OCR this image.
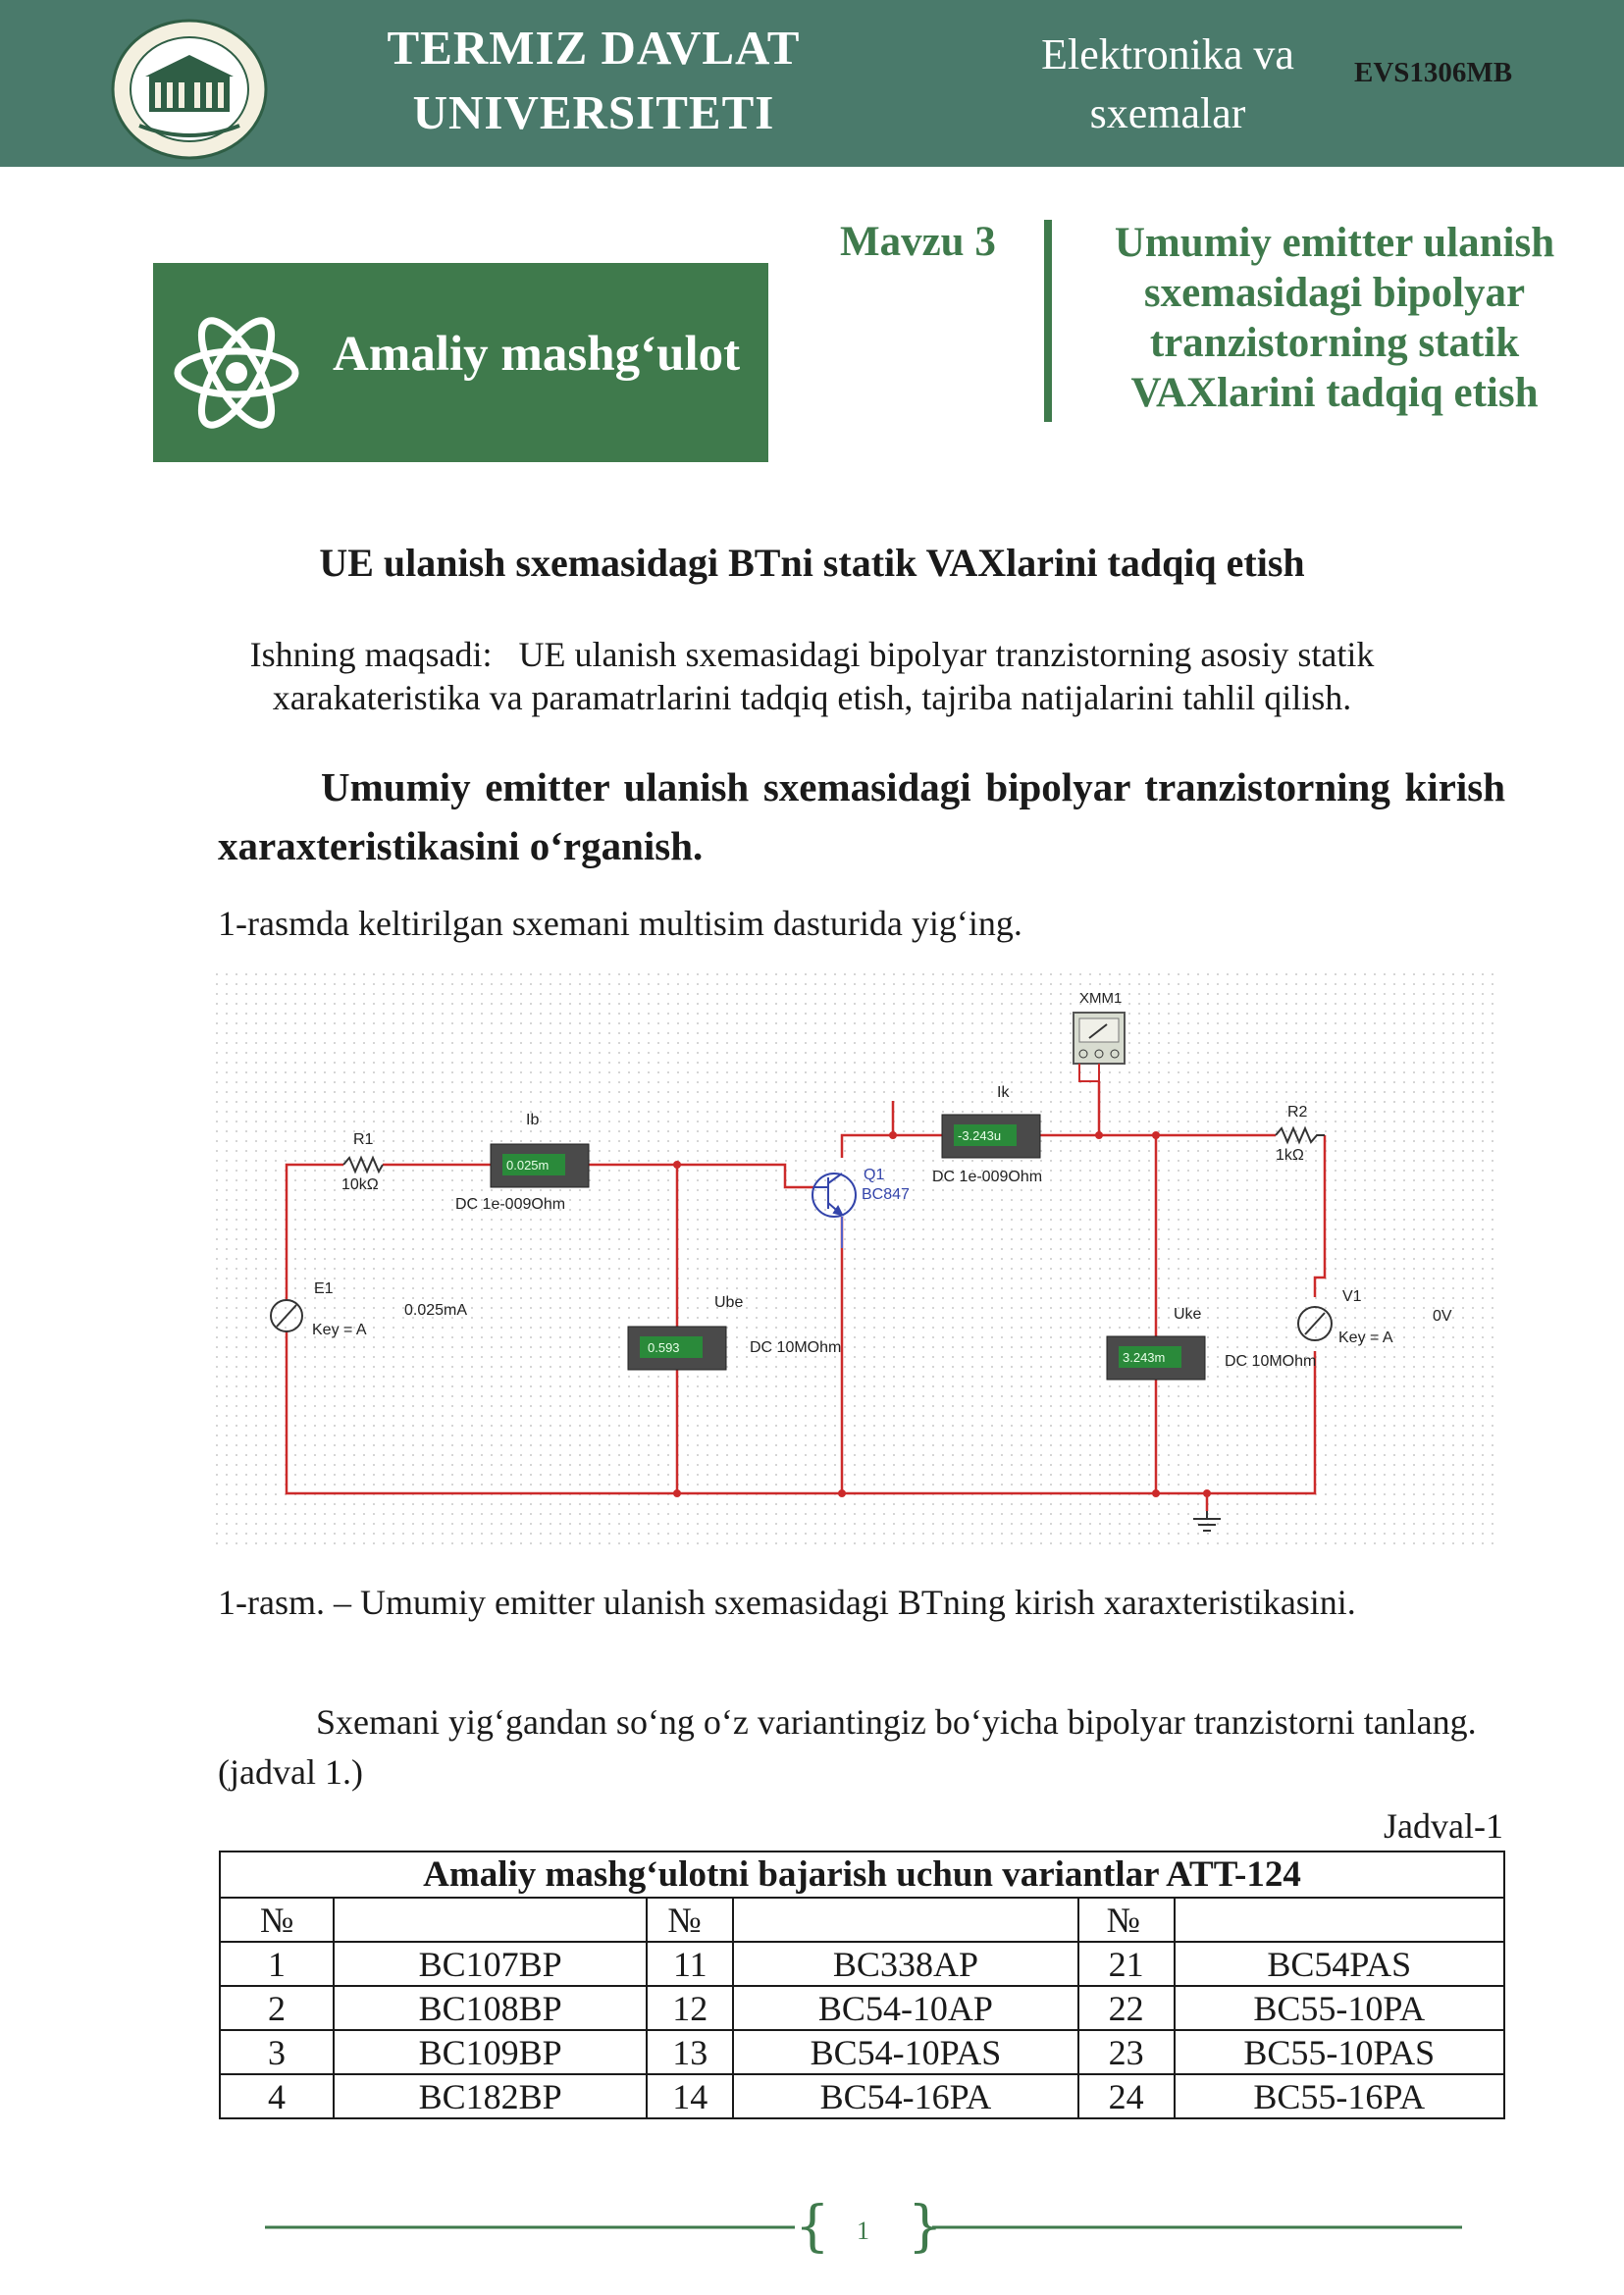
TERMIZ DAVLAT
UNIVERSITETI
Elektronika va
sxemalar
EVS1306MB
Amaliy mashg‘ulot
Mavzu 3	Umumiy emitter ulanish
sxemasidagi bipolyar
tranzistorning statik
VAXlarini tadqiq etish
UE ulanish sxemasidagi BTni statik VAXlarini tadqiq etish
Ishning maqsadi:   UE ulanish sxemasidagi bipolyar tranzistorning asosiy statik
xarakateristika va paramatrlarini tadqiq etish, tajriba natijalarini tahlil qilish.
Umumiy emitter ulanish sxemasidagi bipolyar tranzistorning kirish xaraxteristikasini o‘rganish.
1-rasmda keltirilgan sxemani multisim dasturida yig‘ing.
XMM1
R1
10kΩ
R2
1kΩ
0.025m
Ib
DC 1e-009Ohm
-3.243u
Ik
DC 1e-009Ohm
Q1
BC847
E1
Key = A
0.025mA
0.593
Ube
DC 10MOhm
3.243m
Uke
DC 10MOhm
V1
Key = A
0V
1-rasm. – Umumiy emitter ulanish sxemasidagi BTning kirish xaraxteristikasini.
Sxemani yig‘gandan so‘ng o‘z variantingiz bo‘yicha bipolyar tranzistorni tanlang. (jadval 1.)
Jadval-1
Amaliy mashg‘ulotni bajarish uchun variantlar ATT-124					
№		№		№	
1	BC107BP	11	BC338AP	21	BC54PAS
2	BC108BP	12	BC54-10AP	22	BC55-10PA
3	BC109BP	13	BC54-10PAS	23	BC55-10PAS
4	BC182BP	14	BC54-16PA	24	BC55-16PA
{ }
1
